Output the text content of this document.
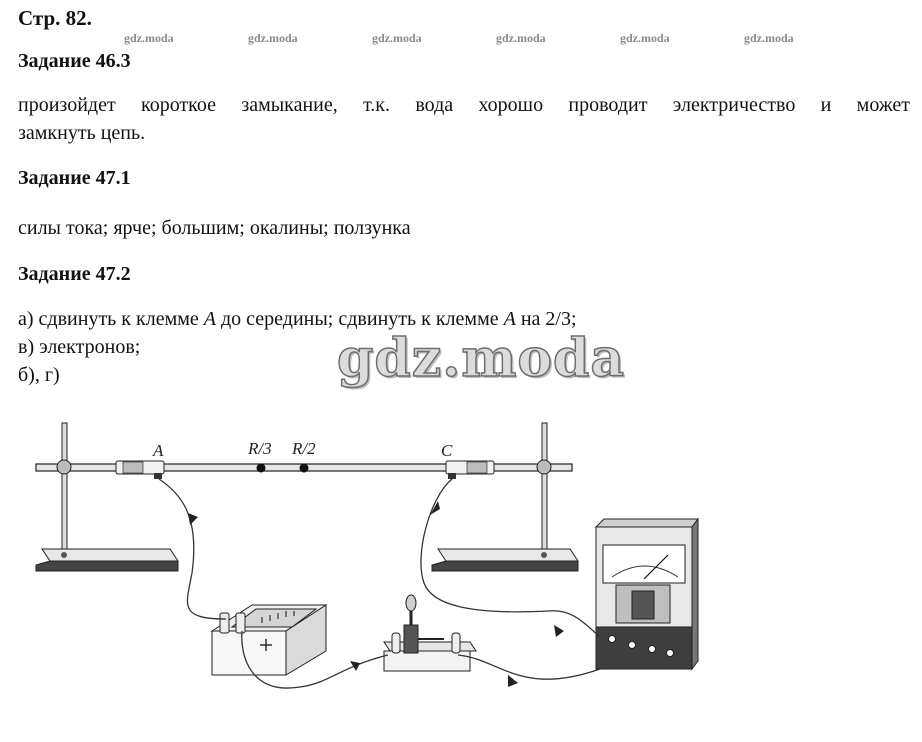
Стр. 82.
gdz.moda	gdz.moda	gdz.moda	gdz.moda	gdz.moda	gdz.moda
Задание 46.3
произойдет короткое замыкание, т.к. вода хорошо проводит электричество и может
замкнуть цепь.
Задание 47.1
силы тока; ярче; большим; окалины; ползунка
Задание 47.2
а) сдвинуть к клемме A до середины; сдвинуть к клемме A на 2/3;
в) электронов;
б), г)	gdz.moda
A	R/3 R/2	C
